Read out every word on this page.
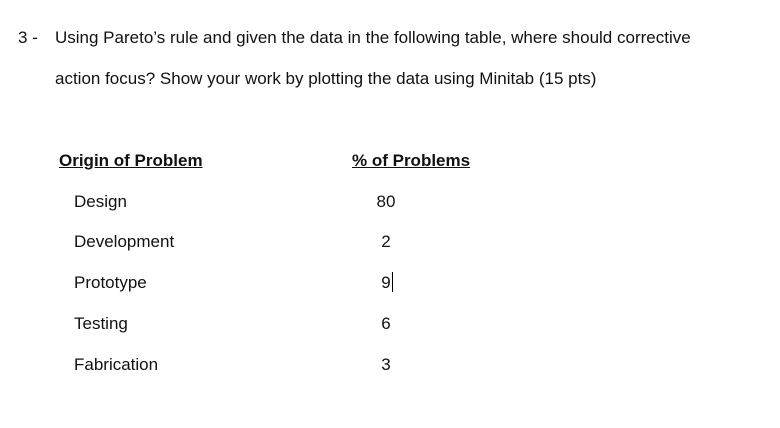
3 - Using Pareto’s rule and given the data in the following table, where should corrective
action focus? Show your work by plotting the data using Minitab (15 pts)
Origin of Problem	% of Problems
Design	80
Development	2
Prototype	9
Testing	6
Fabrication	3
